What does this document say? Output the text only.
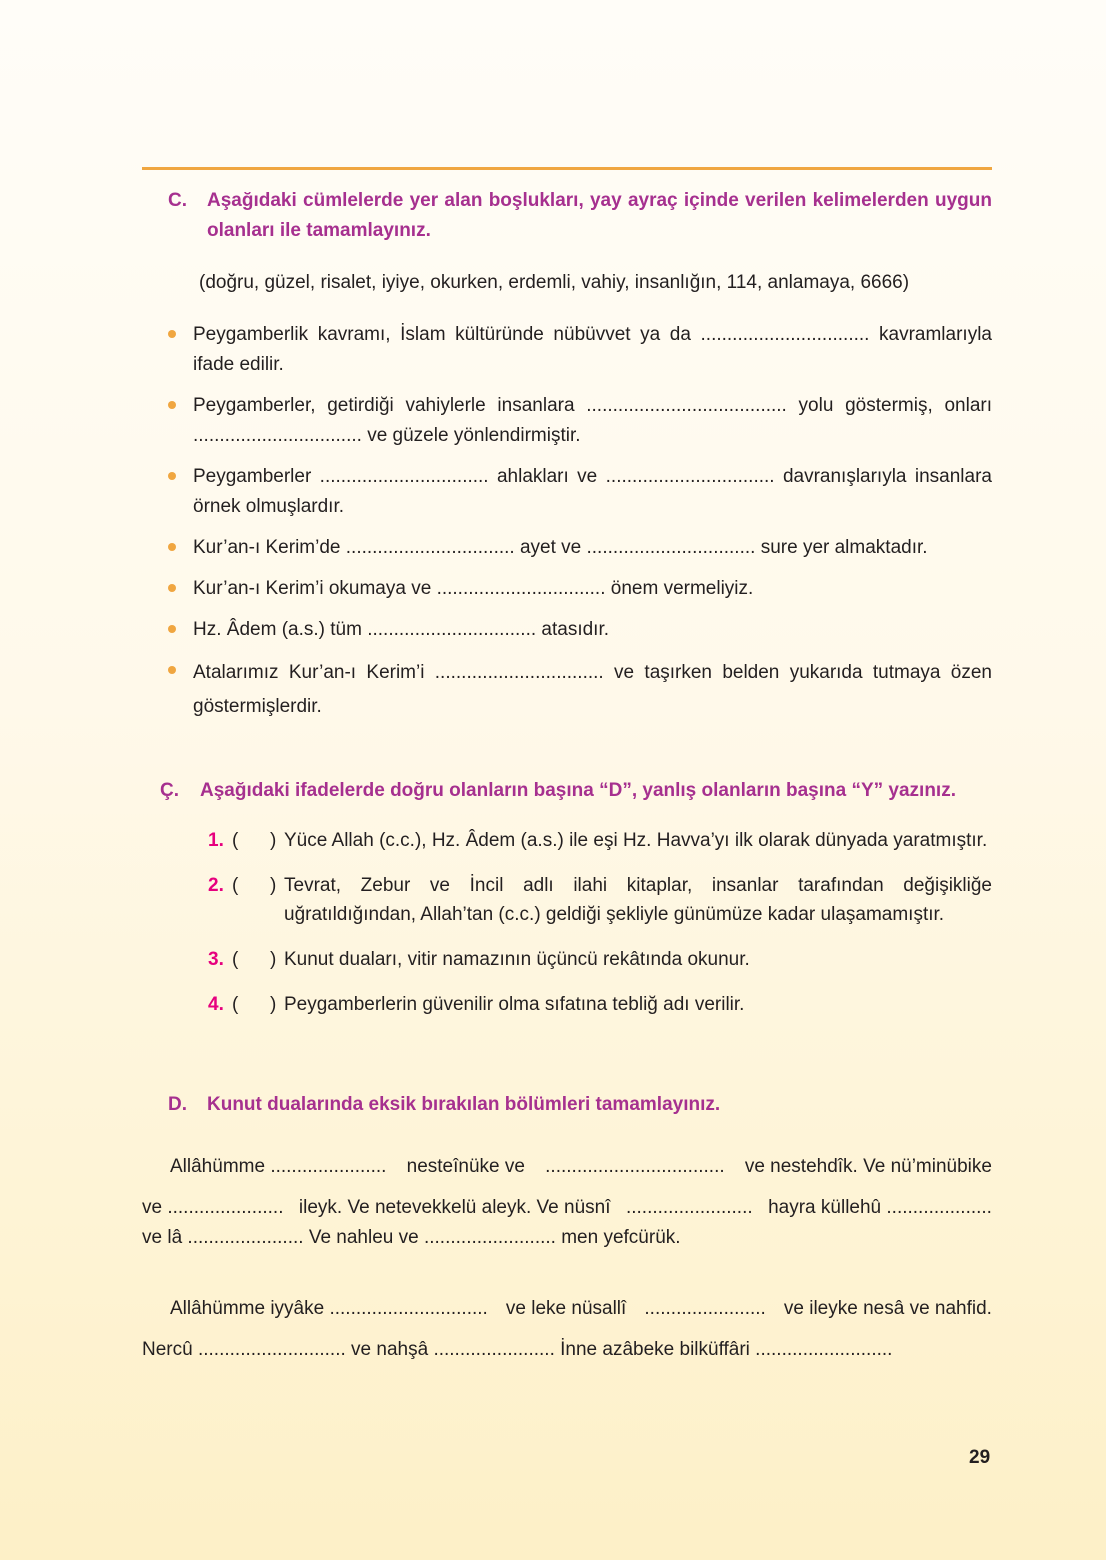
C. Aşağıdaki cümlelerde yer alan boşlukları, yay ayraç içinde verilen kelimelerden uygun olanları ile tamamlayınız.
(doğru, güzel, risalet, iyiye, okurken, erdemli, vahiy, insanlığın, 114, anlamaya, 6666)
Peygamberlik kavramı, İslam kültüründe nübüvvet ya da ................................ kavramlarıyla ifade edilir.
Peygamberler, getirdiği vahiylerle insanlara ...................................... yolu göstermiş, onları ................................ ve güzele yönlendirmiştir.
Peygamberler ................................ ahlakları ve ................................ davranışlarıyla insanlara örnek olmuşlardır.
Kur’an-ı Kerim’de ................................ ayet ve ................................ sure yer almaktadır.
Kur’an-ı Kerim’i okumaya ve ................................ önem vermeliyiz.
Hz. Âdem (a.s.) tüm ................................ atasıdır.
Atalarımız Kur’an-ı Kerim’i ................................ ve taşırken belden yukarıda tutmaya özen göstermişlerdir.
Ç. Aşağıdaki ifadelerde doğru olanların başına “D”, yanlış olanların başına “Y” yazınız.
1. ( ) Yüce Allah (c.c.), Hz. Âdem (a.s.) ile eşi Hz. Havva’yı ilk olarak dünyada yaratmıştır.
2. ( ) Tevrat, Zebur ve İncil adlı ilahi kitaplar, insanlar tarafından değişikliğe uğratıldığından, Allah’tan (c.c.) geldiği şekliyle günümüze kadar ulaşamamıştır.
3. ( ) Kunut duaları, vitir namazının üçüncü rekâtında okunur.
4. ( ) Peygamberlerin güvenilir olma sıfatına tebliğ adı verilir.
D. Kunut dualarında eksik bırakılan bölümleri tamamlayınız.
Allâhümme ...................... nesteînüke ve .................................. ve nestehdîk. Ve nü’minübike
ve ...................... ileyk. Ve netevekkelü aleyk. Ve nüsnî ........................ hayra küllehû ....................
ve lâ ...................... Ve nahleu ve ......................... men yefcürük.
Allâhümme iyyâke .............................. ve leke nüsallî ....................... ve ileyke nesâ ve nahfid.
Nercû ............................ ve nahşâ ....................... İnne azâbeke bilküffâri ..........................
29
